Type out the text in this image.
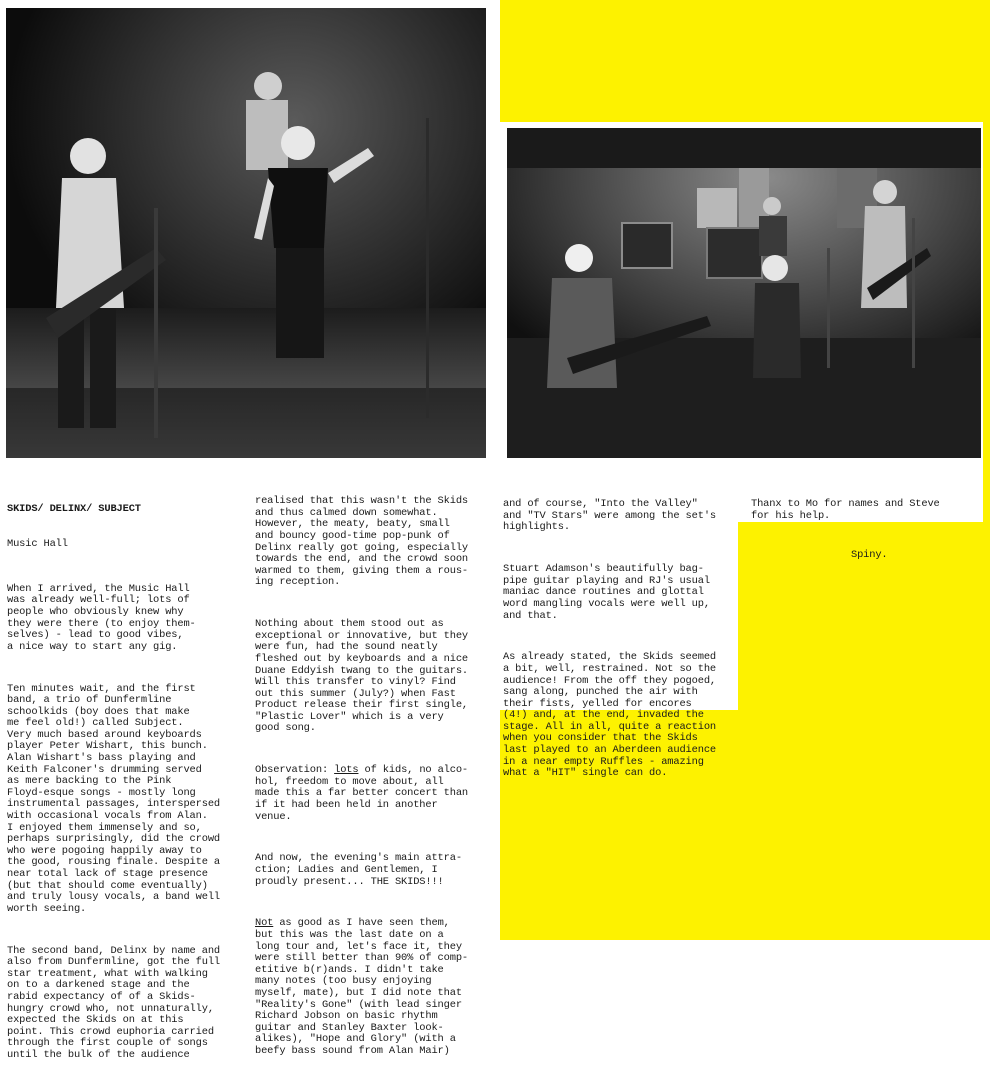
SKIDS/ DELINX/ SUBJECT

Music Hall

When I arrived, the Music Hall
was already well-full; lots of
people who obviously knew why
they were there (to enjoy them-
selves) - lead to good vibes,
a nice way to start any gig.

Ten minutes wait, and the first
band, a trio of Dunfermline
schoolkids (boy does that make
me feel old!) called Subject.
Very much based around keyboards
player Peter Wishart, this bunch.
Alan Wishart's bass playing and
Keith Falconer's drumming served
as mere backing to the Pink
Floyd-esque songs - mostly long
instrumental passages, interspersed
with occasional vocals from Alan.
I enjoyed them immensely and so,
perhaps surprisingly, did the crowd
who were pogoing happily away to
the good, rousing finale. Despite a
near total lack of stage presence
(but that should come eventually)
and truly lousy vocals, a band well
worth seeing.

The second band, Delinx by name and
also from Dunfermline, got the full
star treatment, what with walking
on to a darkened stage and the
rabid expectancy of of a Skids-
hungry crowd who, not unnaturally,
expected the Skids on at this
point. This crowd euphoria carried
through the first couple of songs
until the bulk of the audience

realised that this wasn't the Skids
and thus calmed down somewhat.
However, the meaty, beaty, small
and bouncy good-time pop-punk of
Delinx really got going, especially
towards the end, and the crowd soon
warmed to them, giving them a rous-
ing reception.

Nothing about them stood out as
exceptional or innovative, but they
were fun, had the sound neatly
fleshed out by keyboards and a nice
Duane Eddyish twang to the guitars.
Will this transfer to vinyl? Find
out this summer (July?) when Fast
Product release their first single,
"Plastic Lover" which is a very
good song.

Observation: lots of kids, no alco-
hol, freedom to move about, all
made this a far better concert than
if it had been held in another
venue.

And now, the evening's main attra-
ction; Ladies and Gentlemen, I
proudly present... THE SKIDS!!!

Not as good as I have seen them,
but this was the last date on a
long tour and, let's face it, they
were still better than 90% of comp-
etitive b(r)ands. I didn't take
many notes (too busy enjoying
myself, mate), but I did note that
"Reality's Gone" (with lead singer
Richard Jobson on basic rhythm
guitar and Stanley Baxter look-
alikes), "Hope and Glory" (with a
beefy bass sound from Alan Mair)

and of course, "Into the Valley"
and "TV Stars" were among the set's
highlights.

Stuart Adamson's beautifully bag-
pipe guitar playing and RJ's usual
maniac dance routines and glottal
word mangling vocals were well up,
and that.

As already stated, the Skids seemed
a bit, well, restrained. Not so the
audience! From the off they pogoed,
sang along, punched the air with
their fists, yelled for encores
(4!) and, at the end, invaded the
stage. All in all, quite a reaction
when you consider that the Skids
last played to an Aberdeen audience
in a near empty Ruffles - amazing
what a "HIT" single can do.

Thanx to Mo for names and Steve
for his help.

Spiny.
